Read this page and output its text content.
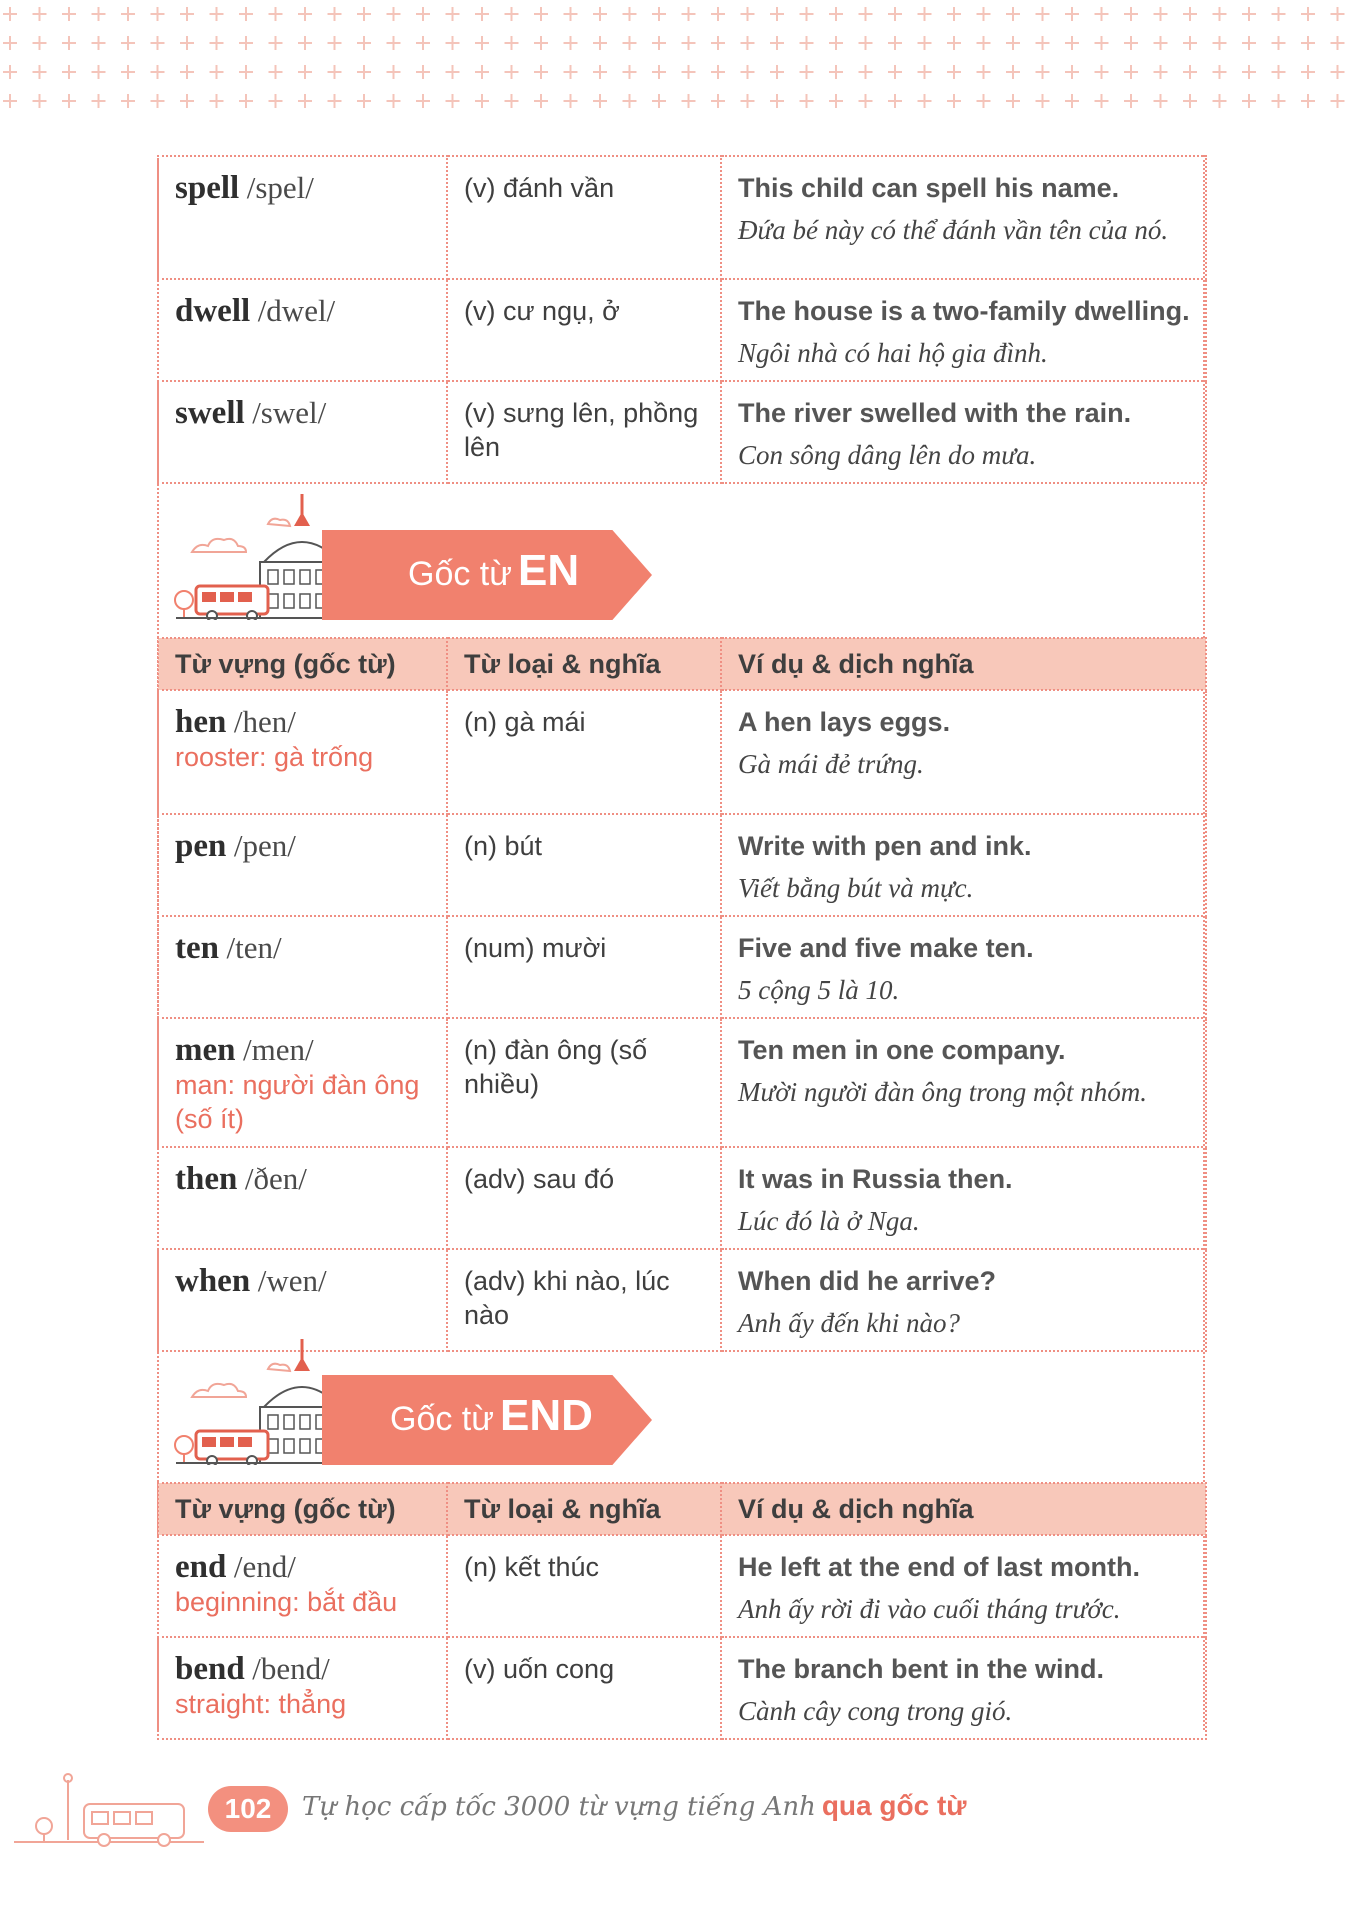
spell /spel/	(v) đánh vần	This child can spell his name.
Đứa bé này có thể đánh vần tên của nó.

dwell /dwel/	(v) cư ngụ, ở	The house is a two-family dwelling.
Ngôi nhà có hai hộ gia đình.

swell /swel/	(v) sưng lên, phồng lên	The river swelled with the rain.
Con sông dâng lên do mưa.
Gốc từ EN
Từ vựng (gốc từ)	Từ loại & nghĩa	Ví dụ & dịch nghĩa
hen /hen/
rooster: gà trống	(n) gà mái	A hen lays eggs.
Gà mái đẻ trứng.

pen /pen/	(n) bút	Write with pen and ink.
Viết bằng bút và mực.

ten /ten/	(num) mười	Five and five make ten.
5 cộng 5 là 10.

men /men/
man: người đàn ông (số ít)	(n) đàn ông (số nhiều)	Ten men in one company.
Mười người đàn ông trong một nhóm.

then /ðen/	(adv) sau đó	It was in Russia then.
Lúc đó là ở Nga.

when /wen/	(adv) khi nào, lúc nào	When did he arrive?
Anh ấy đến khi nào?
Gốc từ END
Từ vựng (gốc từ)	Từ loại & nghĩa	Ví dụ & dịch nghĩa
end /end/
beginning: bắt đầu	(n) kết thúc	He left at the end of last month.
Anh ấy rời đi vào cuối tháng trước.

bend /bend/
straight: thẳng	(v) uốn cong	The branch bent in the wind.
Cành cây cong trong gió.
102	Tự học cấp tốc 3000 từ vựng tiếng Anh qua gốc từ
